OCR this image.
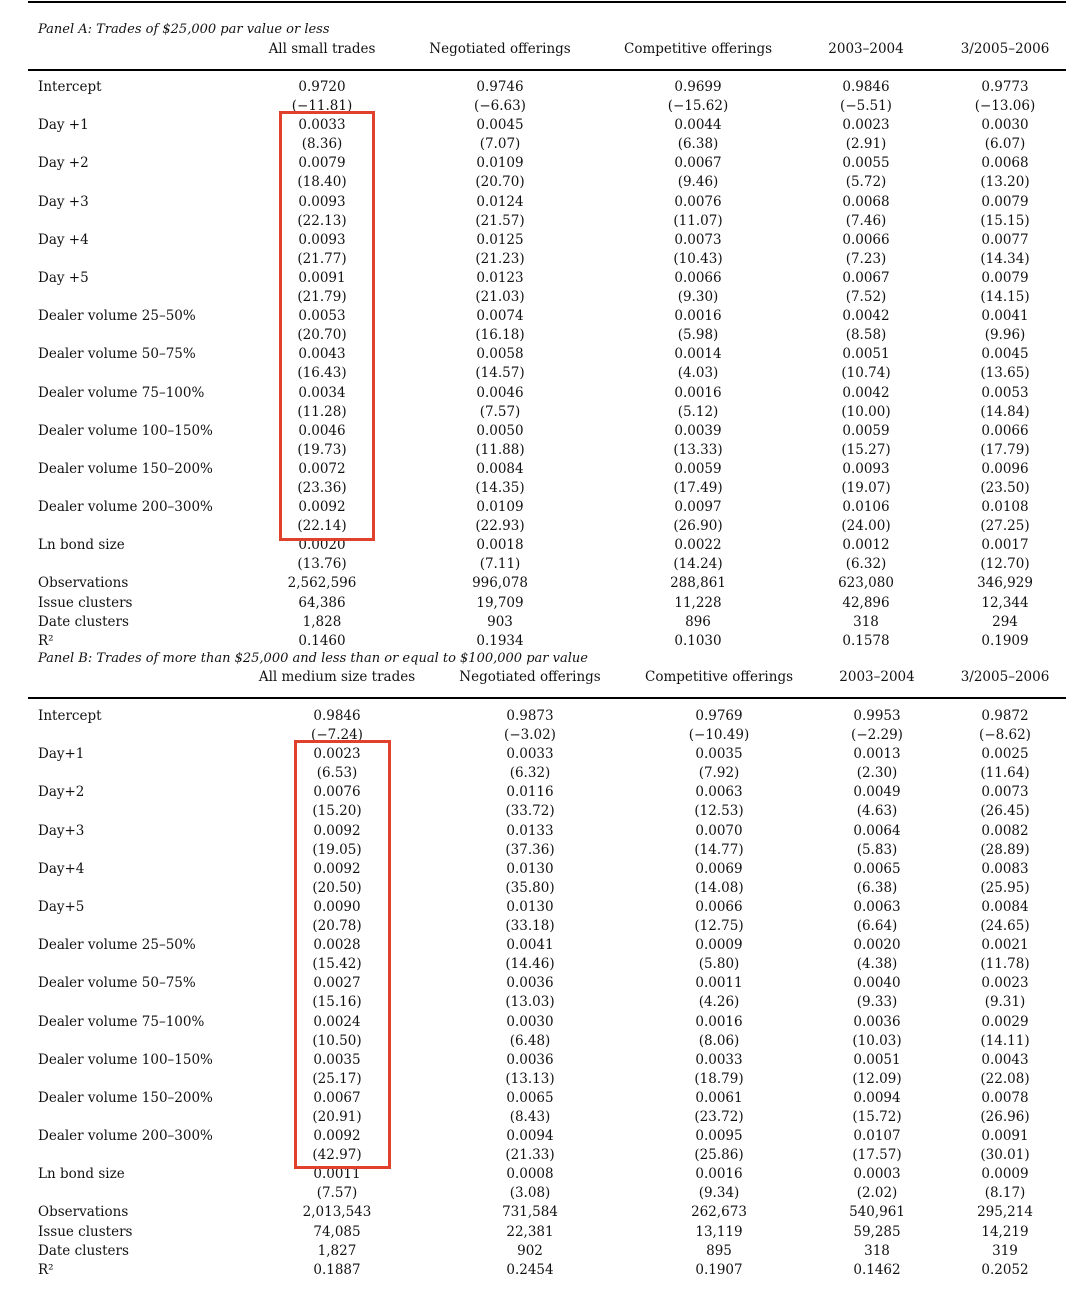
Panel A: Trades of $25,000 par value or less
All small trades	Negotiated offerings	Competitive offerings	2003–2004	3/2005–2006
Intercept	0.9720	0.9746	0.9699	0.9846	0.9773
(−11.81)	(−6.63)	(−15.62)	(−5.51)	(−13.06)
Day +1	0.0033	0.0045	0.0044	0.0023	0.0030
(8.36)	(7.07)	(6.38)	(2.91)	(6.07)
Day +2	0.0079	0.0109	0.0067	0.0055	0.0068
(18.40)	(20.70)	(9.46)	(5.72)	(13.20)
Day +3	0.0093	0.0124	0.0076	0.0068	0.0079
(22.13)	(21.57)	(11.07)	(7.46)	(15.15)
Day +4	0.0093	0.0125	0.0073	0.0066	0.0077
(21.77)	(21.23)	(10.43)	(7.23)	(14.34)
Day +5	0.0091	0.0123	0.0066	0.0067	0.0079
(21.79)	(21.03)	(9.30)	(7.52)	(14.15)
Dealer volume 25–50%	0.0053	0.0074	0.0016	0.0042	0.0041
(20.70)	(16.18)	(5.98)	(8.58)	(9.96)
Dealer volume 50–75%	0.0043	0.0058	0.0014	0.0051	0.0045
(16.43)	(14.57)	(4.03)	(10.74)	(13.65)
Dealer volume 75–100%	0.0034	0.0046	0.0016	0.0042	0.0053
(11.28)	(7.57)	(5.12)	(10.00)	(14.84)
Dealer volume 100–150%	0.0046	0.0050	0.0039	0.0059	0.0066
(19.73)	(11.88)	(13.33)	(15.27)	(17.79)
Dealer volume 150–200%	0.0072	0.0084	0.0059	0.0093	0.0096
(23.36)	(14.35)	(17.49)	(19.07)	(23.50)
Dealer volume 200–300%	0.0092	0.0109	0.0097	0.0106	0.0108
(22.14)	(22.93)	(26.90)	(24.00)	(27.25)
Ln bond size	0.0020	0.0018	0.0022	0.0012	0.0017
(13.76)	(7.11)	(14.24)	(6.32)	(12.70)
Observations	2,562,596	996,078	288,861	623,080	346,929
Issue clusters	64,386	19,709	11,228	42,896	12,344
Date clusters	1,828	903	896	318	294
R²	0.1460	0.1934	0.1030	0.1578	0.1909
Panel B: Trades of more than $25,000 and less than or equal to $100,000 par value
All medium size trades	Negotiated offerings	Competitive offerings	2003–2004	3/2005–2006
Intercept	0.9846	0.9873	0.9769	0.9953	0.9872
(−7.24)	(−3.02)	(−10.49)	(−2.29)	(−8.62)
Day+1	0.0023	0.0033	0.0035	0.0013	0.0025
(6.53)	(6.32)	(7.92)	(2.30)	(11.64)
Day+2	0.0076	0.0116	0.0063	0.0049	0.0073
(15.20)	(33.72)	(12.53)	(4.63)	(26.45)
Day+3	0.0092	0.0133	0.0070	0.0064	0.0082
(19.05)	(37.36)	(14.77)	(5.83)	(28.89)
Day+4	0.0092	0.0130	0.0069	0.0065	0.0083
(20.50)	(35.80)	(14.08)	(6.38)	(25.95)
Day+5	0.0090	0.0130	0.0066	0.0063	0.0084
(20.78)	(33.18)	(12.75)	(6.64)	(24.65)
Dealer volume 25–50%	0.0028	0.0041	0.0009	0.0020	0.0021
(15.42)	(14.46)	(5.80)	(4.38)	(11.78)
Dealer volume 50–75%	0.0027	0.0036	0.0011	0.0040	0.0023
(15.16)	(13.03)	(4.26)	(9.33)	(9.31)
Dealer volume 75–100%	0.0024	0.0030	0.0016	0.0036	0.0029
(10.50)	(6.48)	(8.06)	(10.03)	(14.11)
Dealer volume 100–150%	0.0035	0.0036	0.0033	0.0051	0.0043
(25.17)	(13.13)	(18.79)	(12.09)	(22.08)
Dealer volume 150–200%	0.0067	0.0065	0.0061	0.0094	0.0078
(20.91)	(8.43)	(23.72)	(15.72)	(26.96)
Dealer volume 200–300%	0.0092	0.0094	0.0095	0.0107	0.0091
(42.97)	(21.33)	(25.86)	(17.57)	(30.01)
Ln bond size	0.0011	0.0008	0.0016	0.0003	0.0009
(7.57)	(3.08)	(9.34)	(2.02)	(8.17)
Observations	2,013,543	731,584	262,673	540,961	295,214
Issue clusters	74,085	22,381	13,119	59,285	14,219
Date clusters	1,827	902	895	318	319
R²	0.1887	0.2454	0.1907	0.1462	0.2052
